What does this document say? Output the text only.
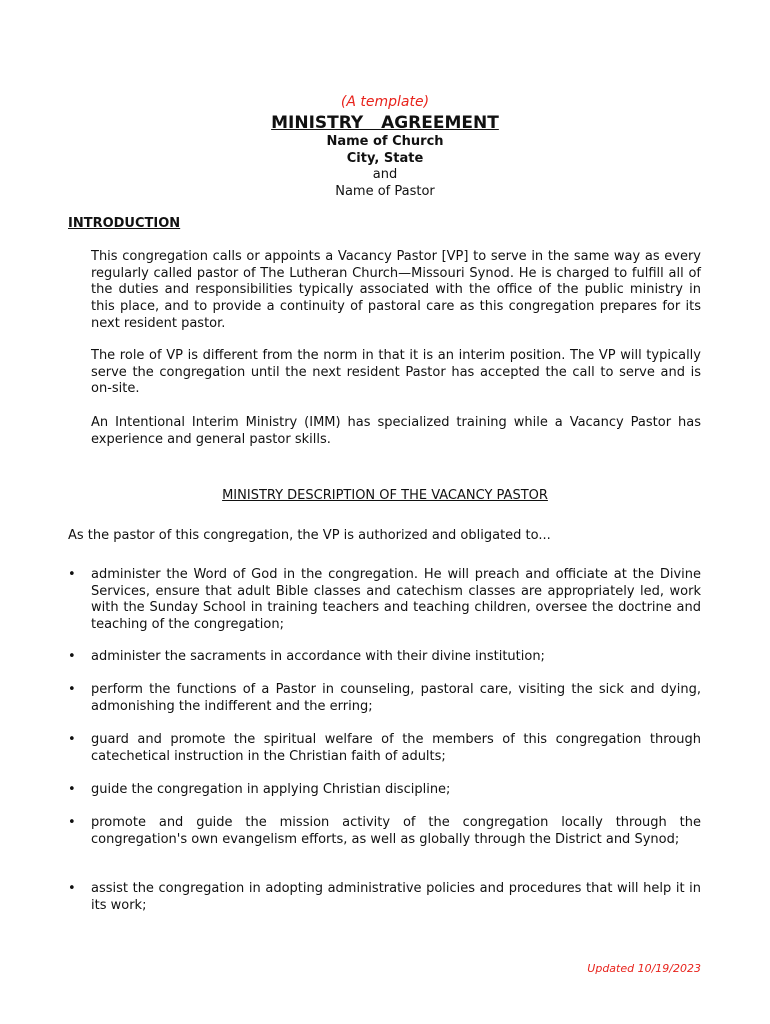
(A template)
MINISTRY  AGREEMENT
Name of Church
City, State
and
Name of Pastor
INTRODUCTION
This congregation calls or appoints a Vacancy Pastor [VP] to serve in the same way as every regularly called pastor of The Lutheran Church—Missouri Synod. He is charged to fulfill all of the duties and responsibilities typically associated with the office of the public ministry in this place, and to provide a continuity of pastoral care as this congregation prepares for its next resident pastor.
The role of VP is different from the norm in that it is an interim position. The VP will typically serve the congregation until the next resident Pastor has accepted the call to serve and is on-site.
An Intentional Interim Ministry (IMM) has specialized training while a Vacancy Pastor has experience and general pastor skills.
MINISTRY DESCRIPTION OF THE VACANCY PASTOR
As the pastor of this congregation, the VP is authorized and obligated to...
•	administer the Word of God in the congregation. He will preach and officiate at the Divine Services, ensure that adult Bible classes and catechism classes are appropriately led, work with the Sunday School in training teachers and teaching children, oversee the doctrine and teaching of the congregation;
•	administer the sacraments in accordance with their divine institution;
•	perform the functions of a Pastor in counseling, pastoral care, visiting the sick and dying, admonishing the indifferent and the erring;
•	guard and promote the spiritual welfare of the members of this congregation through catechetical instruction in the Christian faith of adults;
•	guide the congregation in applying Christian discipline;
•	promote and guide the mission activity of the congregation locally through the congregation's own evangelism efforts, as well as globally through the District and Synod;
•	assist the congregation in adopting administrative policies and procedures that will help it in its work;
Updated 10/19/2023
